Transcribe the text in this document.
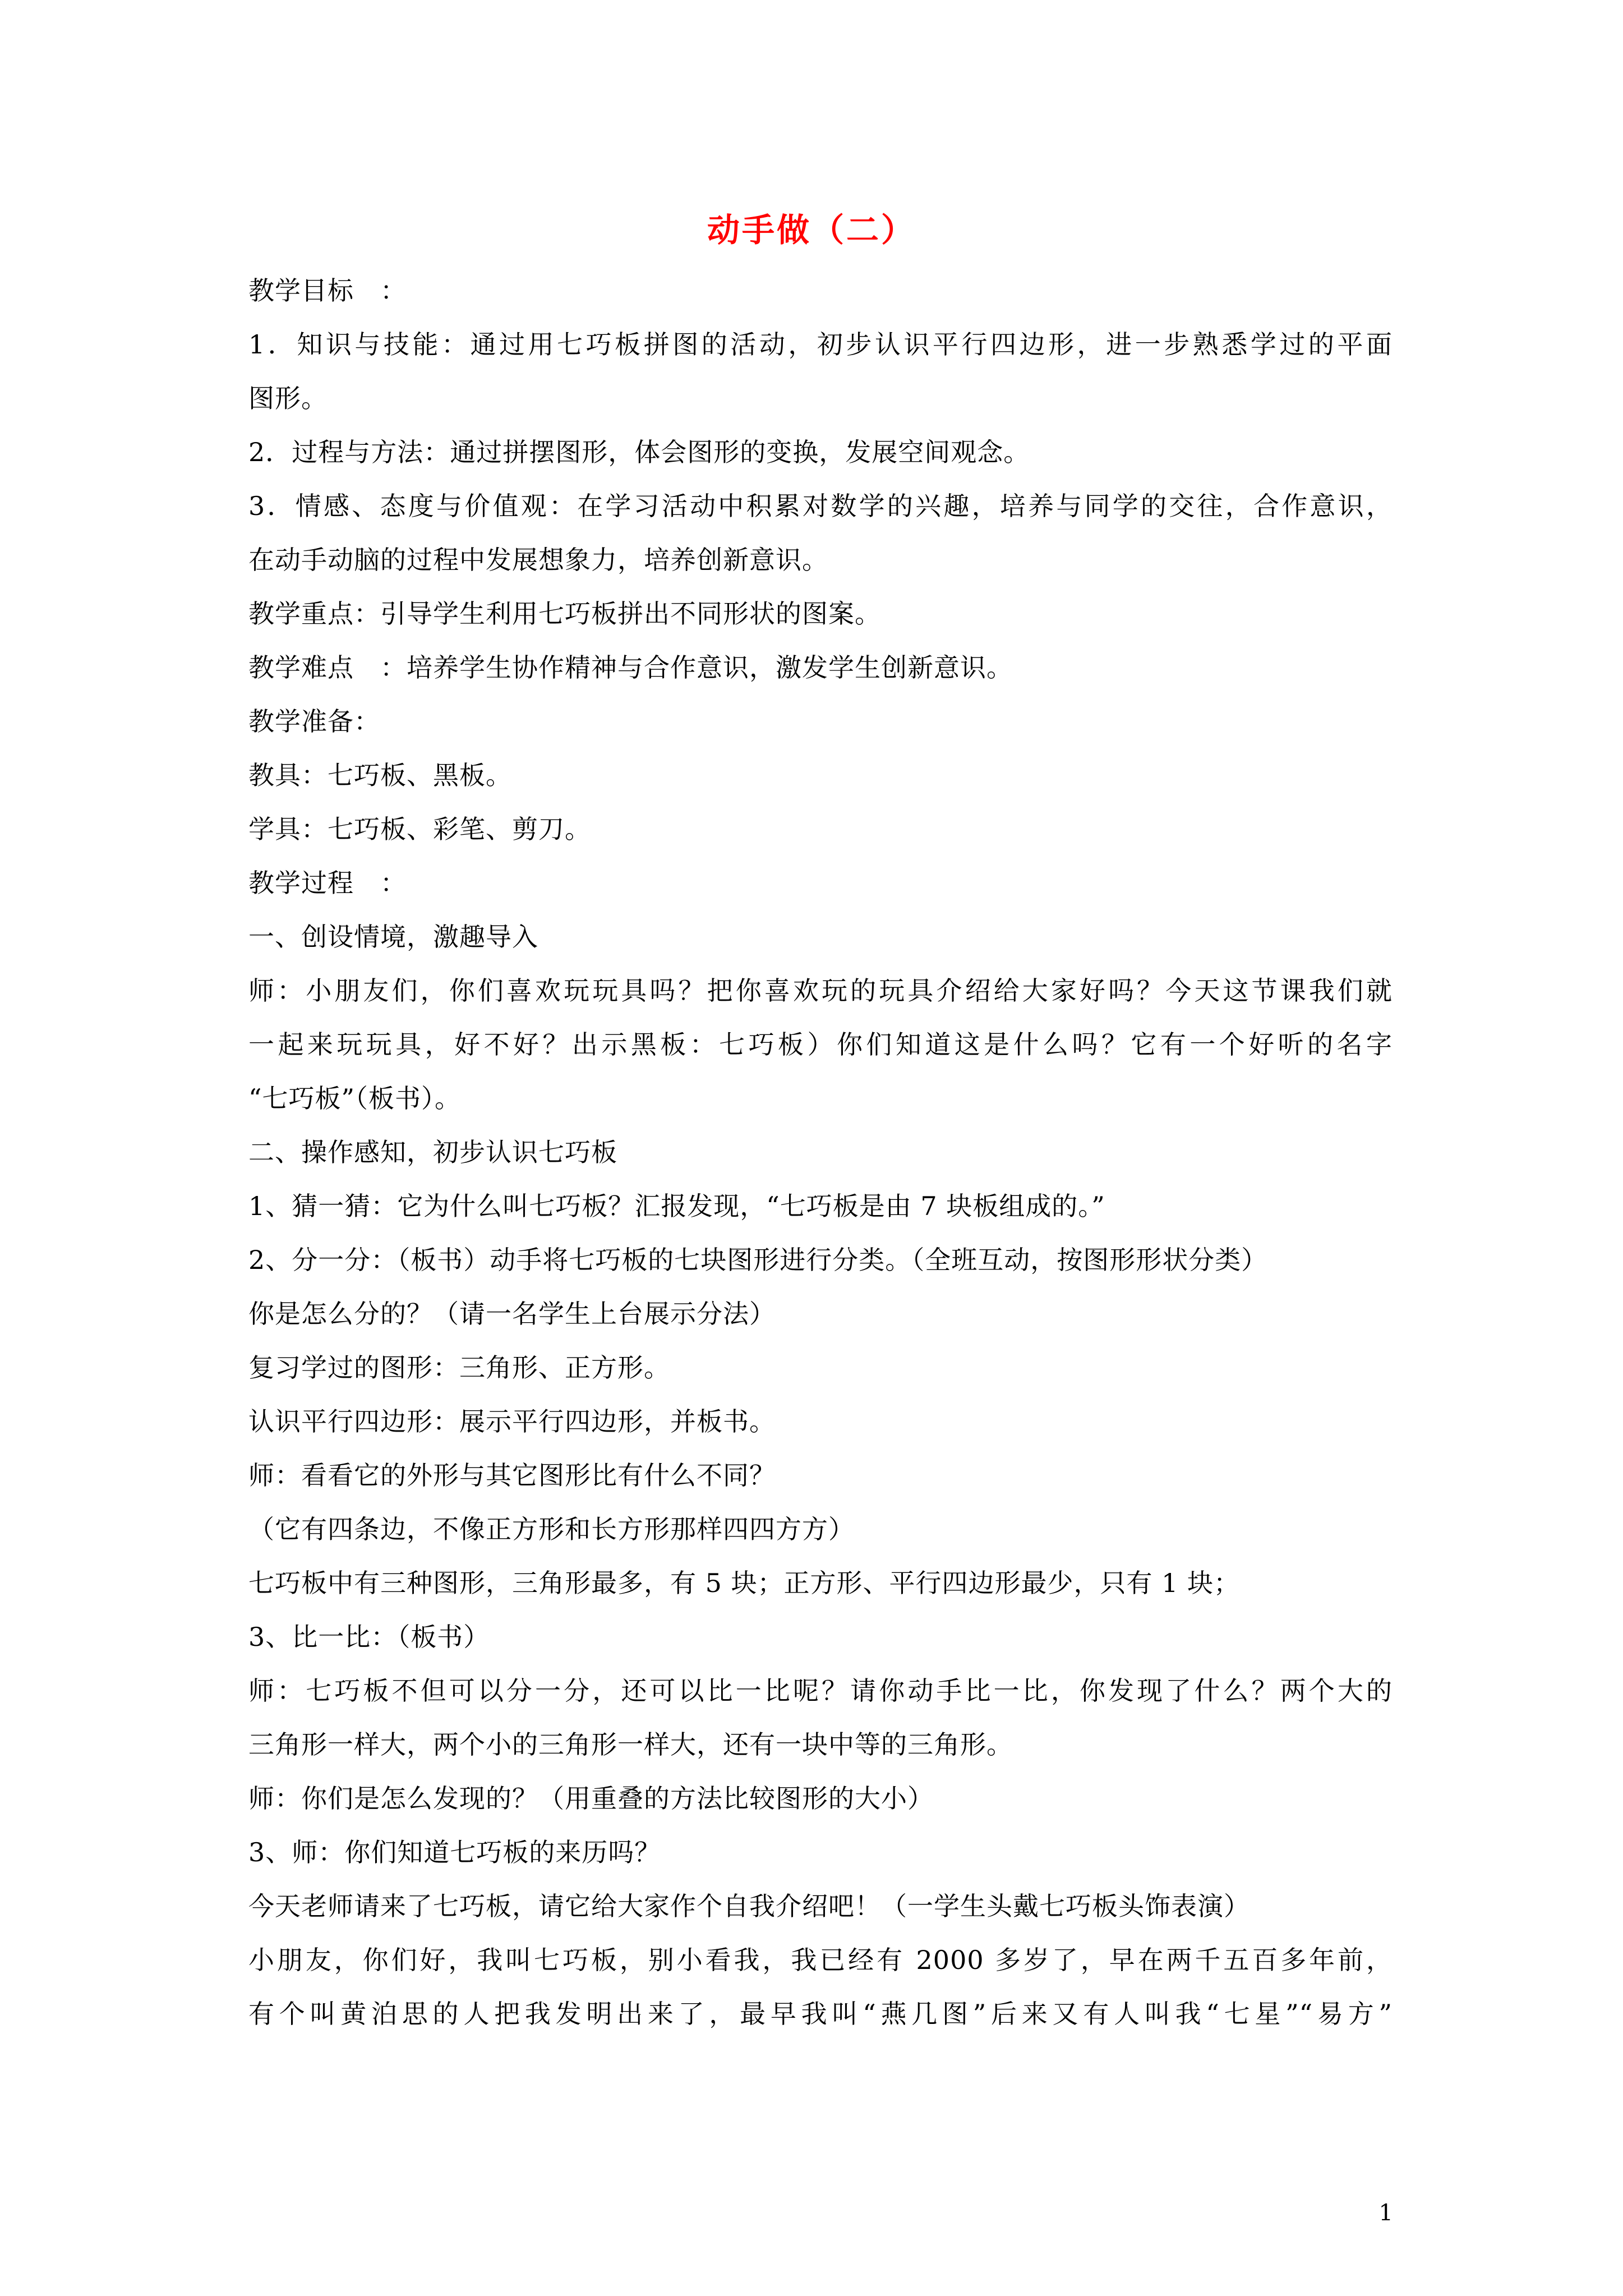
动手做（二）
教学目标　：
1．知识与技能：通过用七巧板拼图的活动，初步认识平行四边形，进一步熟悉学过的平面
图形。
2．过程与方法：通过拼摆图形，体会图形的变换，发展空间观念。
3．情感、态度与价值观：在学习活动中积累对数学的兴趣，培养与同学的交往，合作意识，
在动手动脑的过程中发展想象力，培养创新意识。
教学重点：引导学生利用七巧板拼出不同形状的图案。
教学难点　：培养学生协作精神与合作意识，激发学生创新意识。
教学准备：
教具：七巧板、黑板。
学具：七巧板、彩笔、剪刀。
教学过程　：
一、创设情境，激趣导入
师：小朋友们，你们喜欢玩玩具吗？把你喜欢玩的玩具介绍给大家好吗？今天这节课我们就
一起来玩玩具，好不好？出示黑板：七巧板）你们知道这是什么吗？它有一个好听的名字
“七巧板”（板书）。
二、操作感知，初步认识七巧板
1、猜一猜：它为什么叫七巧板？汇报发现，“七巧板是由 7 块板组成的。”
2、分一分：（板书）动手将七巧板的七块图形进行分类。（全班互动，按图形形状分类）
你是怎么分的？（请一名学生上台展示分法）
复习学过的图形：三角形、正方形。
认识平行四边形：展示平行四边形，并板书。
师：看看它的外形与其它图形比有什么不同？
（它有四条边，不像正方形和长方形那样四四方方）
七巧板中有三种图形，三角形最多，有 5 块；正方形、平行四边形最少，只有 1 块；
3、比一比：（板书）
师：七巧板不但可以分一分，还可以比一比呢？请你动手比一比，你发现了什么？两个大的
三角形一样大，两个小的三角形一样大，还有一块中等的三角形。
师：你们是怎么发现的？（用重叠的方法比较图形的大小）
3、师：你们知道七巧板的来历吗？
今天老师请来了七巧板，请它给大家作个自我介绍吧！（一学生头戴七巧板头饰表演）
小朋友，你们好，我叫七巧板，别小看我，我已经有 2000 多岁了，早在两千五百多年前，
有个叫黄泊思的人把我发明出来了，最早我叫“燕几图”后来又有人叫我“七星”“易方”
1
